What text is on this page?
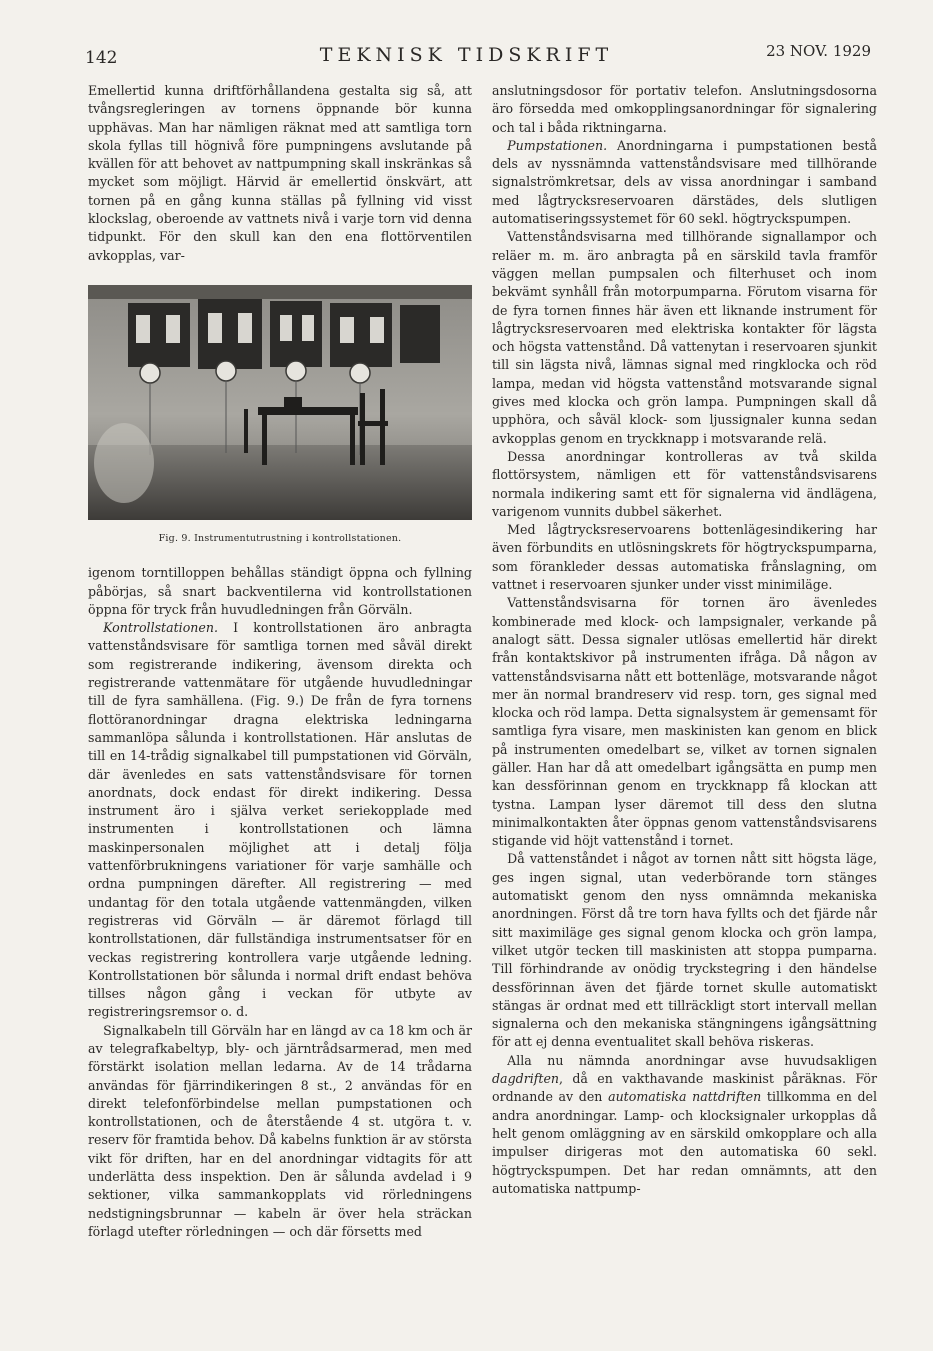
142	TEKNISK TIDSKRIFT	23 NOV. 1929

Emellertid kunna driftförhållandena gestalta sig så, att tvångsregleringen av tornens öppnande bör kunna upphävas. Man har nämligen räknat med att samtliga torn skola fyllas till högnivå före pumpningens avslutande på kvällen för att behovet av nattpumpning skall inskränkas så mycket som möjligt. Härvid är emellertid önskvärt, att tornen på en gång kunna ställas på fyllning vid visst klockslag, oberoende av vattnets nivå i varje torn vid denna tidpunkt. För den skull kan den ena flottörventilen avkopplas, var-

Fig. 9. Instrumentutrustning i kontrollstationen.

igenom torntilloppen behållas ständigt öppna och fyllning påbörjas, så snart backventilerna vid kontrollstationen öppna för tryck från huvudledningen från Görväln.

Kontrollstationen. I kontrollstationen äro anbragta vattenståndsvisare för samtliga tornen med såväl direkt som registrerande indikering, ävensom direkta och registrerande vattenmätare för utgående huvudledningar till de fyra samhällena. (Fig. 9.) De från de fyra tornens flottöranordningar dragna elektriska ledningarna sammanlöpa sålunda i kontrollstationen. Här anslutas de till en 14-trådig signalkabel till pumpstationen vid Görväln, där ävenledes en sats vattenståndsvisare för tornen anordnats, dock endast för direkt indikering. Dessa instrument äro i själva verket seriekopplade med instrumenten i kontrollstationen och lämna maskinpersonalen möjlighet att i detalj följa vattenförbrukningens variationer för varje samhälle och ordna pumpningen därefter. All registrering — med undantag för den totala utgående vattenmängden, vilken registreras vid Görväln — är däremot förlagd till kontrollstationen, där fullständiga instrumentsatser för en veckas registrering kontrollera varje utgående ledning. Kontrollstationen bör sålunda i normal drift endast behöva tillses någon gång i veckan för utbyte av registreringsremsor o. d.

Signalkabeln till Görväln har en längd av ca 18 km och är av telegrafkabeltyp, bly- och järntrådsarmerad, men med förstärkt isolation mellan ledarna. Av de 14 trådarna användas för fjärrindikeringen 8 st., 2 användas för en direkt telefonförbindelse mellan pumpstationen och kontrollstationen, och de återstående 4 st. utgöra t. v. reserv för framtida behov. Då kabelns funktion är av största vikt för driften, har en del anordningar vidtagits för att underlätta dess inspektion. Den är sålunda avdelad i 9 sektioner, vilka sammankopplats vid rörledningens nedstigningsbrunnar — kabeln är över hela sträckan förlagd utefter rörledningen — och där försetts med

anslutningsdosor för portativ telefon. Anslutningsdosorna äro försedda med omkopplingsanordningar för signalering och tal i båda riktningarna.

Pumpstationen. Anordningarna i pumpstationen bestå dels av nyssnämnda vattenståndsvisare med tillhörande signalströmkretsar, dels av vissa anordningar i samband med lågtrycksreservoaren därstädes, dels slutligen automatiseringssystemet för 60 sekl. högtryckspumpen.

Vattenståndsvisarna med tillhörande signallampor och reläer m. m. äro anbragta på en särskild tavla framför väggen mellan pumpsalen och filterhuset och inom bekvämt synhåll från motorpumparna. Förutom visarna för de fyra tornen finnes här även ett liknande instrument för lågtrycksreservoaren med elektriska kontakter för lägsta och högsta vattenstånd. Då vattenytan i reservoaren sjunkit till sin lägsta nivå, lämnas signal med ringklocka och röd lampa, medan vid högsta vattenstånd motsvarande signal gives med klocka och grön lampa. Pumpningen skall då upphöra, och såväl klock- som ljussignaler kunna sedan avkopplas genom en tryckknapp i motsvarande relä.

Dessa anordningar kontrolleras av två skilda flottörsystem, nämligen ett för vattenståndsvisarens normala indikering samt ett för signalerna vid ändlägena, varigenom vunnits dubbel säkerhet.

Med lågtrycksreservoarens bottenlägesindikering har även förbundits en utlösningskrets för högtryckspumparna, som förankleder dessas automatiska frånslagning, om vattnet i reservoaren sjunker under visst minimiläge.

Vattenståndsvisarna för tornen äro ävenledes kombinerade med klock- och lampsignaler, verkande på analogt sätt. Dessa signaler utlösas emellertid här direkt från kontaktskivor på instrumenten ifråga. Då någon av vattenståndsvisarna nått ett bottenläge, motsvarande något mer än normal brandreserv vid resp. torn, ges signal med klocka och röd lampa. Detta signalsystem är gemensamt för samtliga fyra visare, men maskinisten kan genom en blick på instrumenten omedelbart se, vilket av tornen signalen gäller. Han har då att omedelbart igångsätta en pump men kan dessförinnan genom en tryckknapp få klockan att tystna. Lampan lyser däremot till dess den slutna minimalkontakten åter öppnas genom vattenståndsvisarens stigande vid höjt vattenstånd i tornet.

Då vattenståndet i något av tornen nått sitt högsta läge, ges ingen signal, utan vederbörande torn stänges automatiskt genom den nyss omnämnda mekaniska anordningen. Först då tre torn hava fyllts och det fjärde når sitt maximiläge ges signal genom klocka och grön lampa, vilket utgör tecken till maskinisten att stoppa pumparna. Till förhindrande av onödig tryckstegring i den händelse dessförinnan även det fjärde tornet skulle automatiskt stängas är ordnat med ett tillräckligt stort intervall mellan signalerna och den mekaniska stängningens igångsättning för att ej denna eventualitet skall behöva riskeras.

Alla nu nämnda anordningar avse huvudsakligen dagdriften, då en vakthavande maskinist påräknas. För ordnande av den automatiska nattdriften tillkomma en del andra anordningar. Lamp- och klocksignaler urkopplas då helt genom omläggning av en särskild omkopplare och alla impulser dirigeras mot den automatiska 60 sekl. högtryckspumpen. Det har redan omnämnts, att den automatiska nattpump-
